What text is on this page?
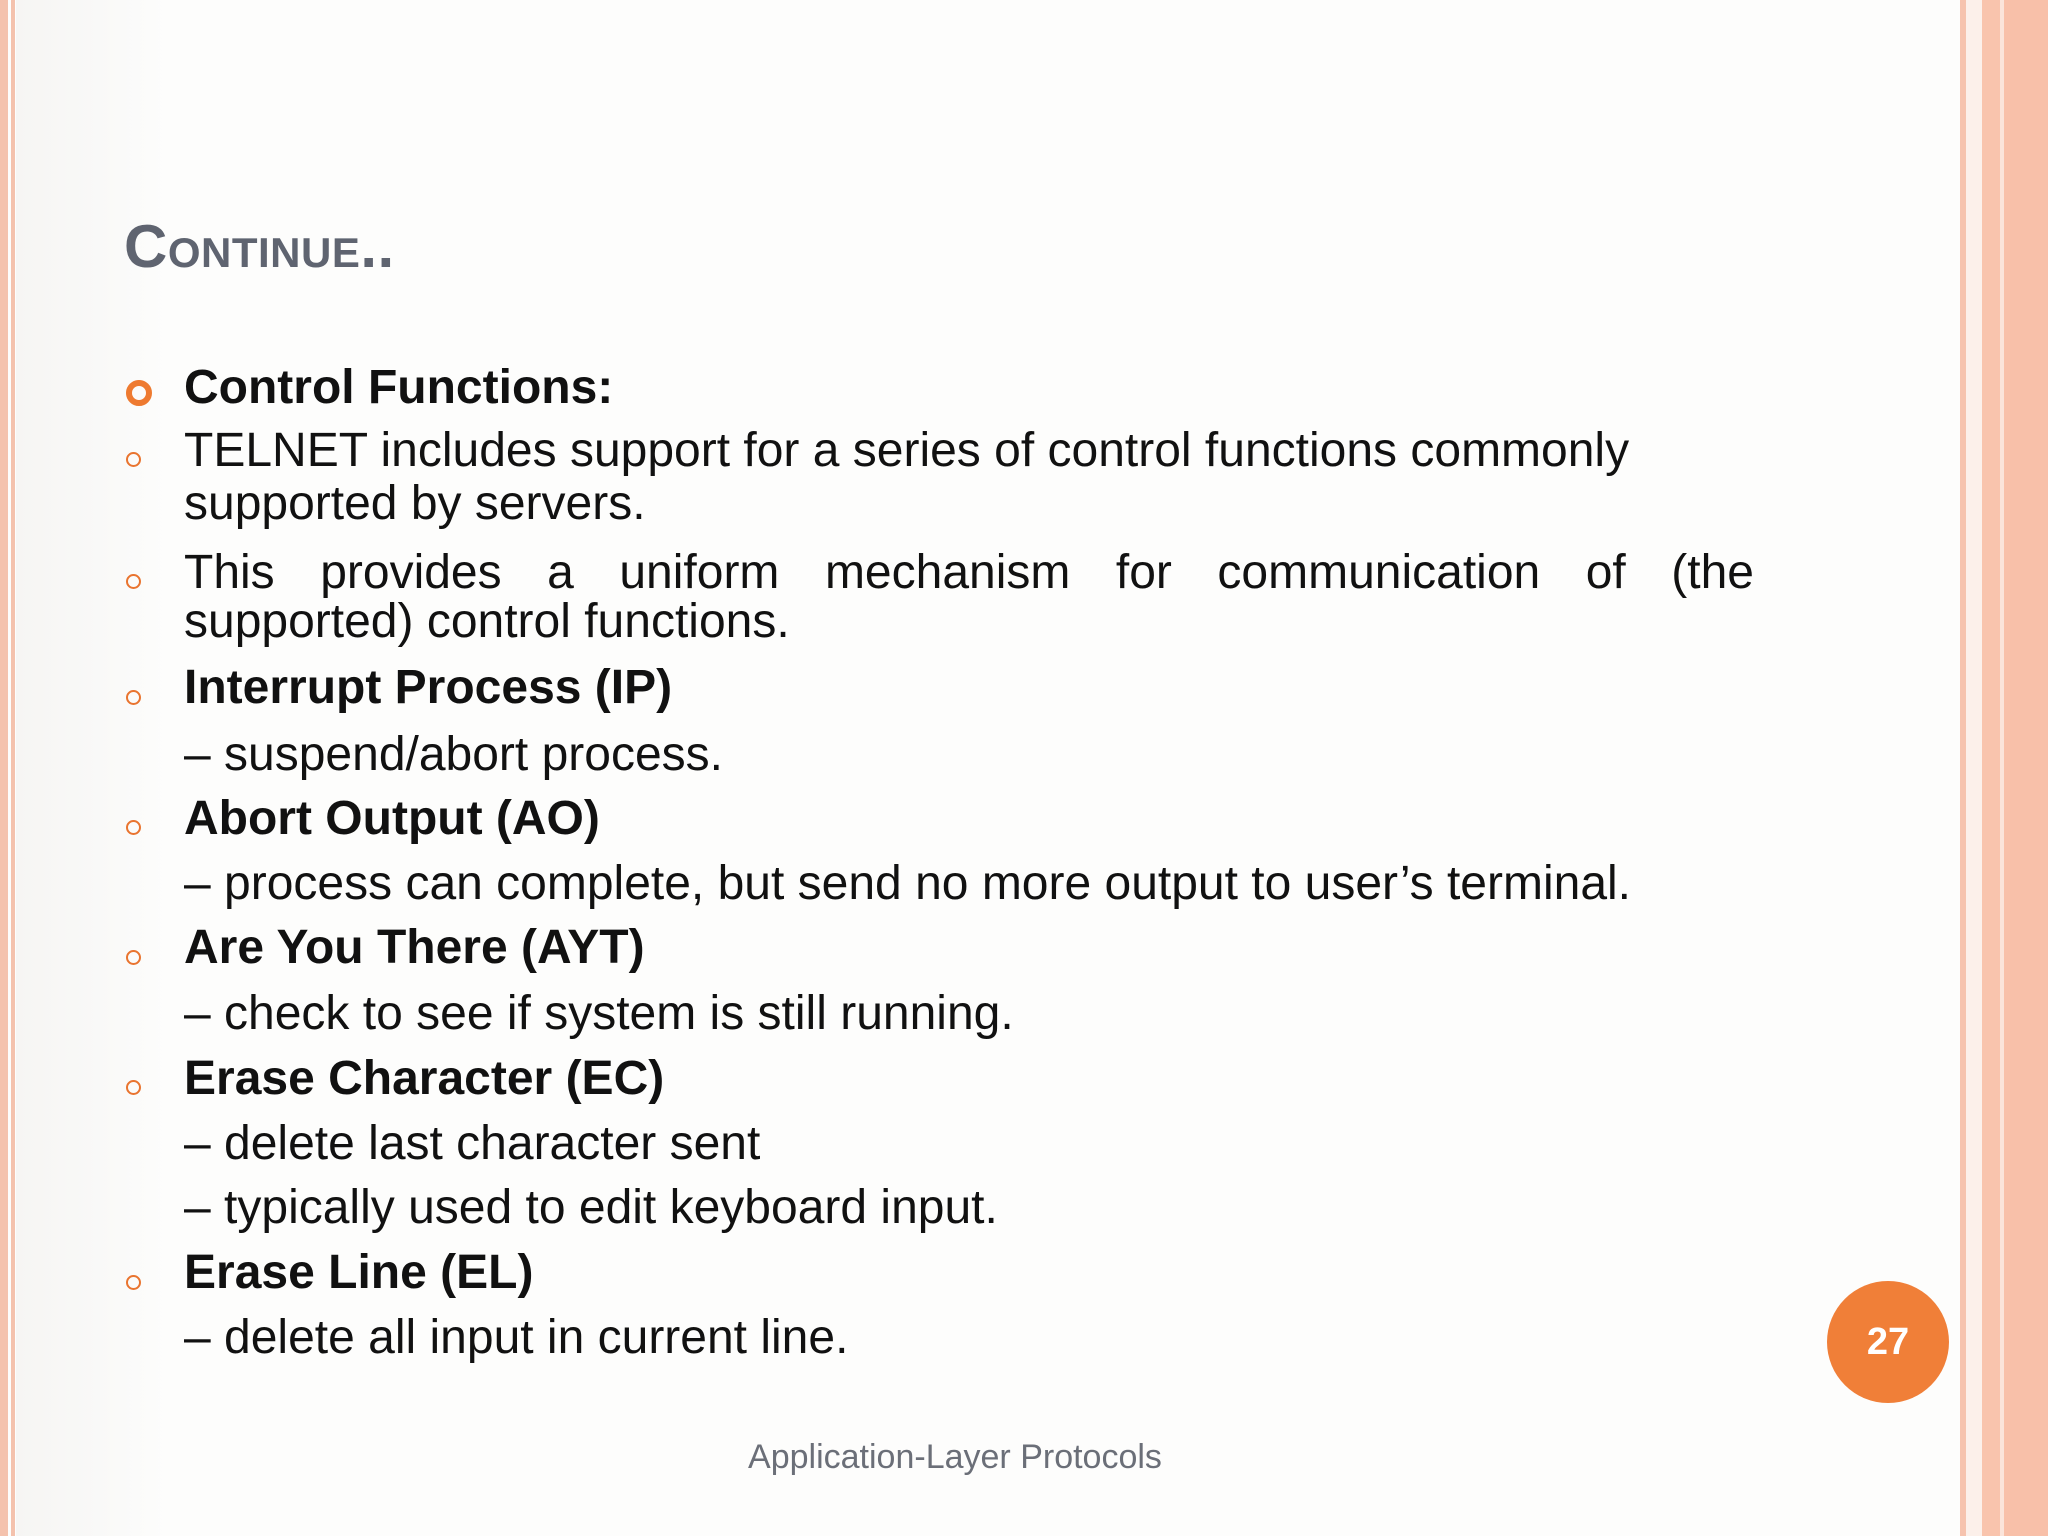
Continue..

Control Functions:

TELNET includes support for a series of control functions commonly

supported by servers.

This provides a uniform mechanism for communication of (the

supported) control functions.

Interrupt Process (IP)

– suspend/abort process.

Abort Output (AO)

– process can complete, but send no more output to user’s terminal.

Are You There (AYT)

– check to see if system is still running.

Erase Character (EC)

– delete last character sent

– typically used to edit keyboard input.

Erase Line (EL)

– delete all input in current line.	27
Application-Layer Protocols
